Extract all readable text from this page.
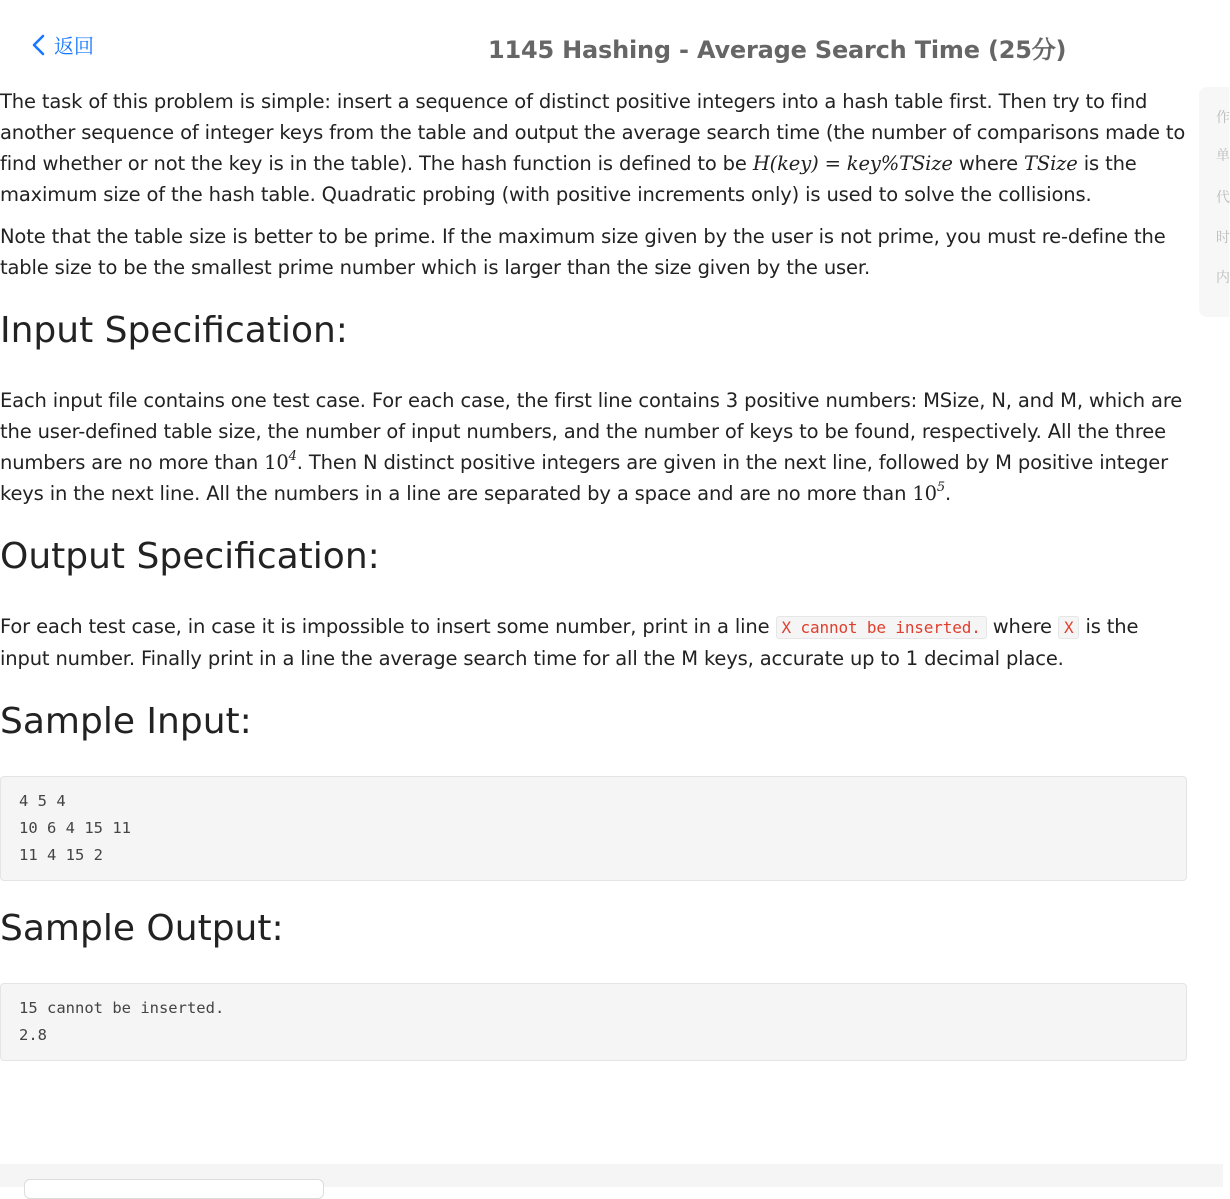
返回	1145 Hashing - Average Search Time (25分)
作
单
代
时
内

The task of this problem is simple: insert a sequence of distinct positive integers into a hash table first. Then try to find another sequence of integer keys from the table and output the average search time (the number of comparisons made to find whether or not the key is in the table). The hash function is defined to be H(key) = key%TSize where TSize is the maximum size of the hash table. Quadratic probing (with positive increments only) is used to solve the collisions.

Note that the table size is better to be prime. If the maximum size given by the user is not prime, you must re-define the table size to be the smallest prime number which is larger than the size given by the user.

Input Specification:

Each input file contains one test case. For each case, the first line contains 3 positive numbers: MSize, N, and M, which are the user-defined table size, the number of input numbers, and the number of keys to be found, respectively. All the three numbers are no more than $10^4$. Then N distinct positive integers are given in the next line, followed by M positive integer keys in the next line. All the numbers in a line are separated by a space and are no more than $10^5$.

Output Specification:

For each test case, in case it is impossible to insert some number, print in a line X cannot be inserted. where X is the input number. Finally print in a line the average search time for all the M keys, accurate up to 1 decimal place.

Sample Input:
4 5 4
10 6 4 15 11
11 4 15 2
Sample Output:
15 cannot be inserted.
2.8
